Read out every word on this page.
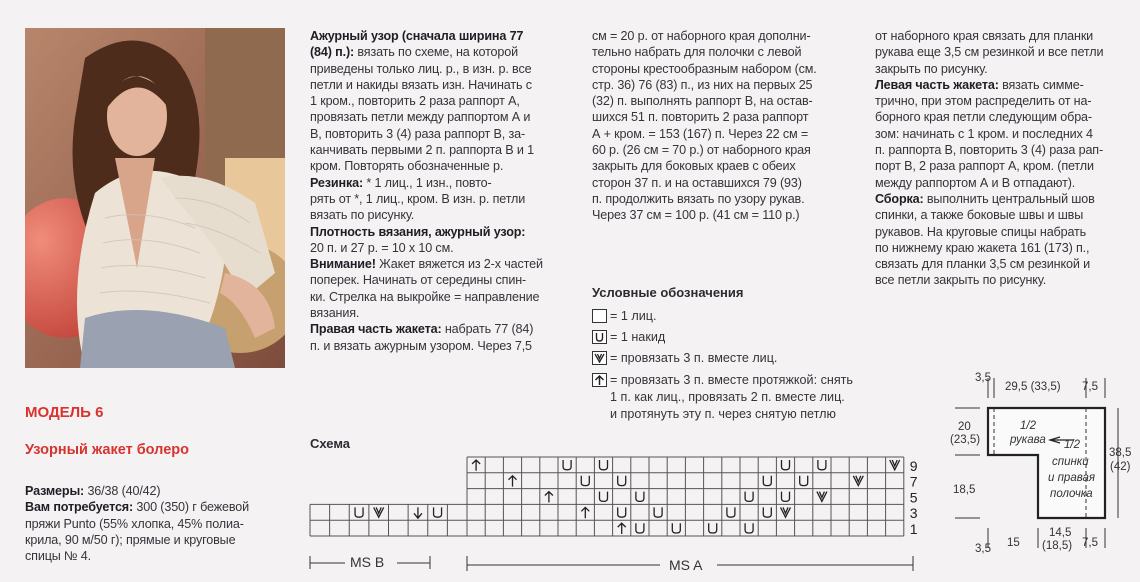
МОДЕЛЬ 6
Узорный жакет болеро

Размеры: 36/38 (40/42)

Вам потребуется: 300 (350) г бежевой

пряжи Punto (55% хлопка, 45% полиа-

крила, 90 м/50 г); прямые и круговые

спицы № 4.

Ажурный узор (сначала ширина 77

(84) п.): вязать по схеме, на которой

приведены только лиц. р., в изн. р. все

петли и накиды вязать изн. Начинать с

1 кром., повторить 2 раза раппорт А,

провязать петли между раппортом А и

В, повторить 3 (4) раза раппорт В, за-

канчивать первыми 2 п. раппорта В и 1

кром. Повторять обозначенные р.

Резинка: * 1 лиц., 1 изн., повто-

рять от *, 1 лиц., кром. В изн. р. петли

вязать по рисунку.

Плотность вязания, ажурный узор:

20 п. и 27 р. = 10 х 10 см.

Внимание! Жакет вяжется из 2-х частей

поперек. Начинать от середины спин-

ки. Стрелка на выкройке = направление

вязания.

Правая часть жакета: набрать 77 (84)

п. и вязать ажурным узором. Через 7,5

см = 20 р. от наборного края дополни-

тельно набрать для полочки с левой

стороны крестообразным набором (см.

стр. 36) 76 (83) п., из них на первых 25

(32) п. выполнять раппорт В, на остав-

шихся 51 п. повторить 2 раза раппорт

А + кром. = 153 (167) п. Через 22 см =

60 р. (26 см = 70 р.) от наборного края

закрыть для боковых краев с обеих

сторон 37 п. и на оставшихся 79 (93)

п. продолжить вязать по узору рукав.

Через 37 см = 100 р. (41 см = 110 р.)

от наборного края связать для планки

рукава еще 3,5 см резинкой и все петли

закрыть по рисунку.

Левая часть жакета: вязать симме-

трично, при этом распределить от на-

борного края петли следующим обра-

зом: начинать с 1 кром. и последних 4

п. раппорта В, повторить 3 (4) раза рап-

порт В, 2 раза раппорт А, кром. (петли

между раппортом А и В отпадают).

Сборка: выполнить центральный шов

спинки, а также боковые швы и швы

рукавов. На круговые спицы набрать

по нижнему краю жакета 161 (173) п.,

связать для планки 3,5 см резинкой и

все петли закрыть по рисунку.

Условные обозначения
= 1 лиц.
= 1 накид
= провязать 3 п. вместе лиц.
= провязать 3 п. вместе протяжкой: снять
1 п. как лиц., провязать 2 п. вместе лиц.
и протянуть эту п. через снятую петлю
Схема
9
7
5
3
1
MS B	MS A
3,5
29,5 (33,5) 7,5
20
(23,5)
18,5
38,5
(42)
1/2
рукава 1/2
спинки
и правая
полочка
3,5 15
14,5
(18,5) 7,5
